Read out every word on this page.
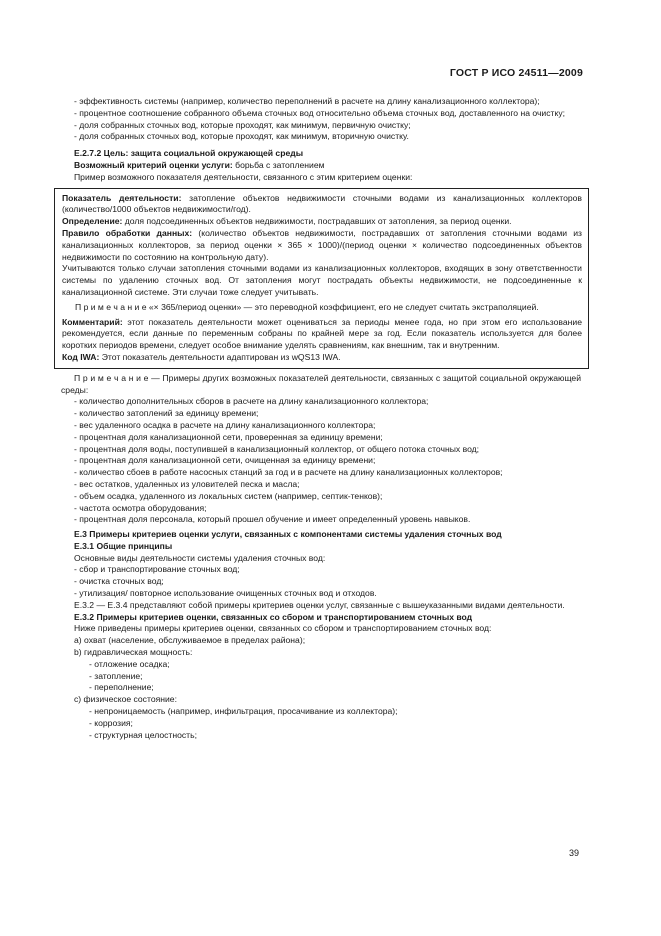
ГОСТ Р ИСО 24511—2009

- эффективность системы (например, количество переполнений в расчете на длину канализационного коллектора);

- процентное соотношение собранного объема сточных вод относительно объема сточных вод, доставленного на очистку;

- доля собранных сточных вод, которые проходят, как минимум, первичную очистку;

- доля собранных сточных вод, которые проходят, как минимум, вторичную очистку.

Е.2.7.2 Цель: защита социальной окружающей среды

Возможный критерий оценки услуги: борьба с затоплением

Пример возможного показателя деятельности, связанного с этим критерием оценки:

Показатель деятельности: затопление объектов недвижимости сточными водами из канализационных коллекторов (количество/1000 объектов недвижимости/год).

Определение: доля подсоединенных объектов недвижимости, пострадавших от затопления, за период оценки.

Правило обработки данных: (количество объектов недвижимости, пострадавших от затопления сточными водами из канализационных коллекторов, за период оценки × 365 × 1000)/(период оценки × количество подсоединенных объектов недвижимости по состоянию на контрольную дату).

Учитываются только случаи затопления сточными водами из канализационных коллекторов, входящих в зону ответственности системы по удалению сточных вод. От затопления могут пострадать объекты недвижимости, не подсоединенные к канализационной системе. Эти случаи тоже следует учитывать.

П р и м е ч а н и е «× 365/период оценки» — это переводной коэффициент, его не следует считать экстраполяцией.

Комментарий: этот показатель деятельности может оцениваться за периоды менее года, но при этом его использование рекомендуется, если данные по переменным собраны по крайней мере за год. Если показатель используется для более коротких периодов времени, следует особое внимание уделять сравнениям, как внешним, так и внутренним.

Код IWA: Этот показатель деятельности адаптирован из wQS13 IWA.

П р и м е ч а н и е — Примеры других возможных показателей деятельности, связанных с защитой социальной окружающей среды:

- количество дополнительных сборов в расчете на длину канализационного коллектора;

- количество затоплений за единицу времени;

- вес удаленного осадка в расчете на длину канализационного коллектора;

- процентная доля канализационной сети, проверенная за единицу времени;

- процентная доля воды, поступившей в канализационный коллектор, от общего потока сточных вод;

- процентная доля канализационной сети, очищенная за единицу времени;

- количество сбоев в работе насосных станций за год и в расчете на длину канализационных коллекторов;

- вес остатков, удаленных из уловителей песка и масла;

- объем осадка, удаленного из локальных систем (например, септик-тенков);

- частота осмотра оборудования;

- процентная доля персонала, который прошел обучение и имеет определенный уровень навыков.

Е.3 Примеры критериев оценки услуги, связанных с компонентами системы удаления сточных вод

Е.3.1 Общие принципы

Основные виды деятельности системы удаления сточных вод:

- сбор и транспортирование сточных вод;

- очистка сточных вод;

- утилизация/ повторное использование очищенных сточных вод и отходов.

Е.3.2 — Е.3.4 представляют собой примеры критериев оценки услуг, связанные с вышеуказанными видами деятельности.

Е.3.2 Примеры критериев оценки, связанных со сбором и транспортированием сточных вод

Ниже приведены примеры критериев оценки, связанных со сбором и транспортированием сточных вод:

a) охват (население, обслуживаемое в пределах района);

b) гидравлическая мощность:

- отложение осадка;

- затопление;

- переполнение;

c) физическое состояние:

- непроницаемость (например, инфильтрация, просачивание из коллектора);

- коррозия;

- структурная целостность;

39
